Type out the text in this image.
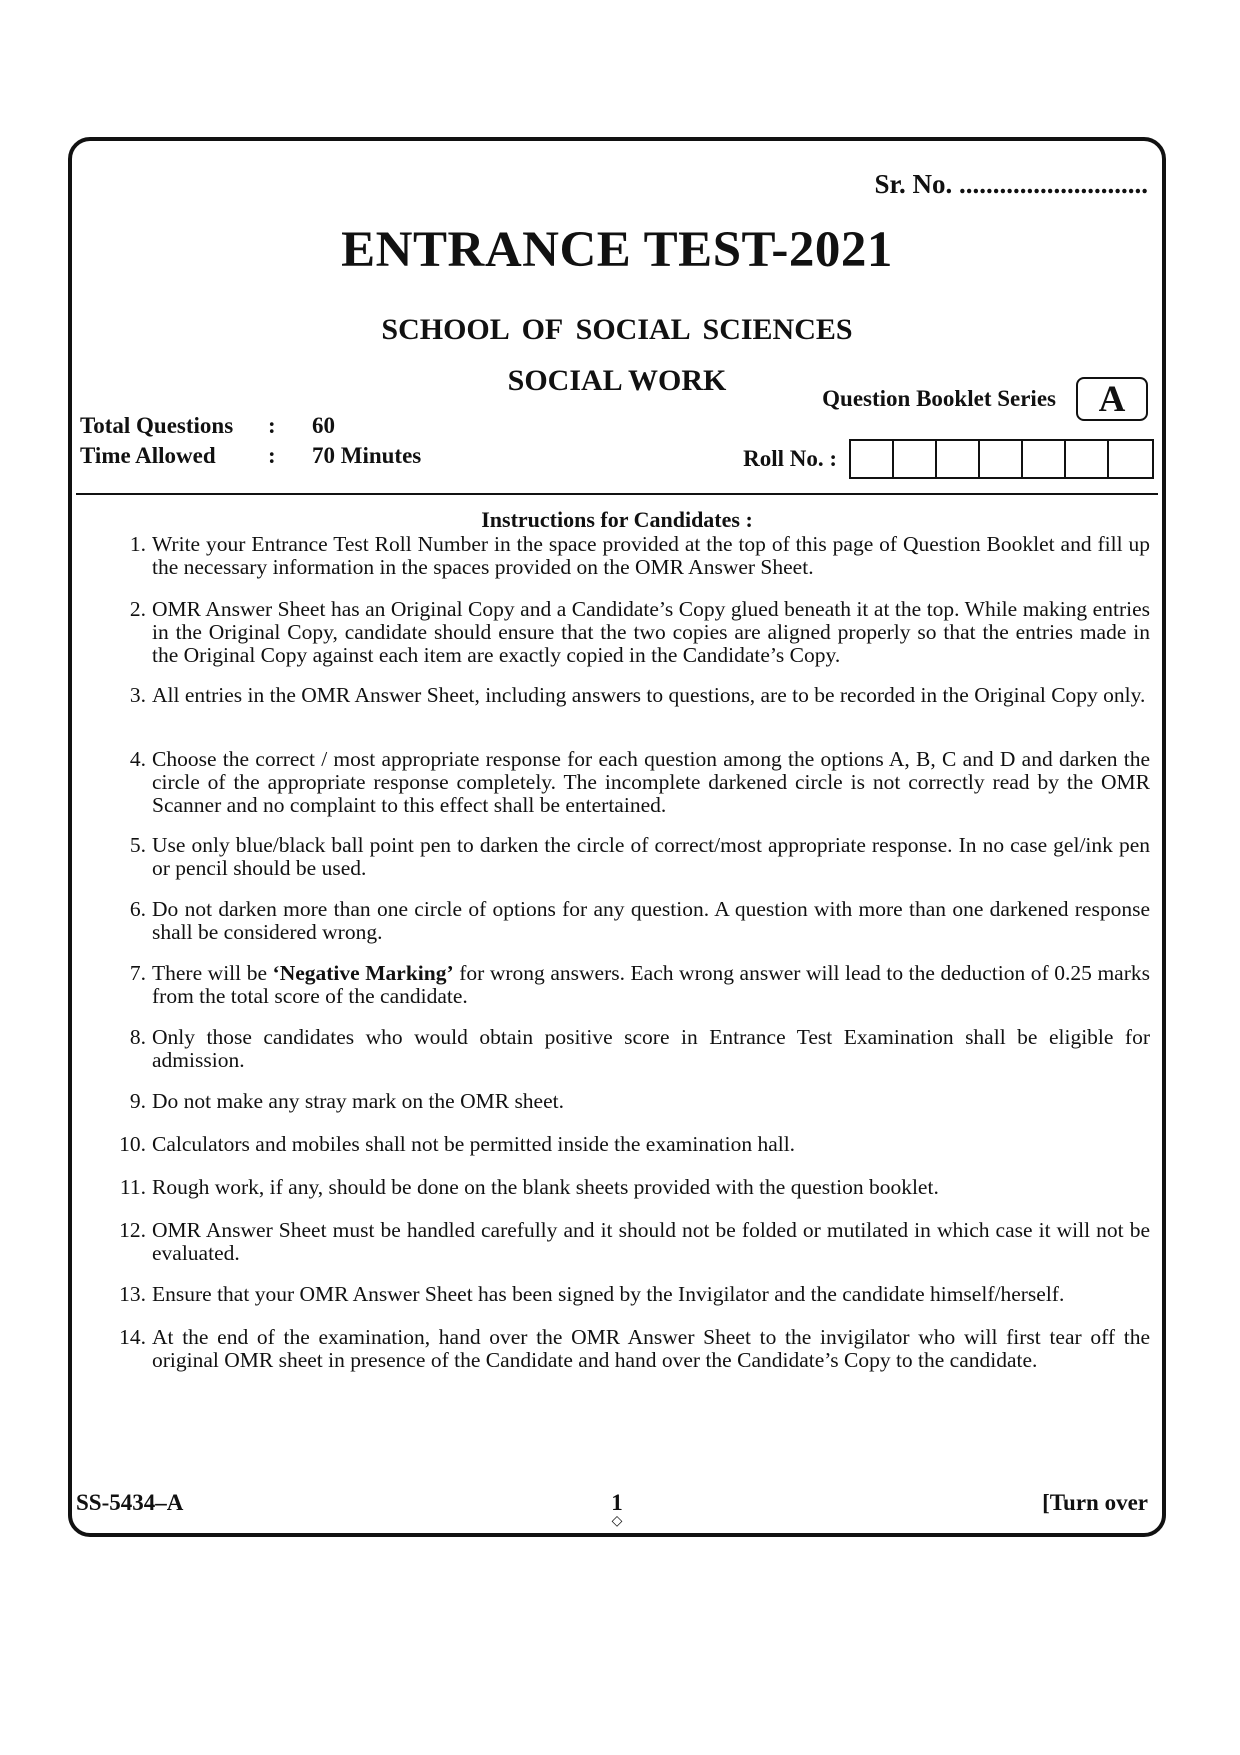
Sr. No. ............................
ENTRANCE TEST-2021
SCHOOL OF SOCIAL SCIENCES
SOCIAL WORK
Total Questions : 60
Time Allowed : 70 Minutes
Question Booklet Series	A
Roll No. :
Instructions for Candidates :
1. Write your Entrance Test Roll Number in the space provided at the top of this page of Question Booklet and fill up the necessary information in the spaces provided on the OMR Answer Sheet.
2. OMR Answer Sheet has an Original Copy and a Candidate’s Copy glued beneath it at the top. While making entries in the Original Copy, candidate should ensure that the two copies are aligned properly so that the entries made in the Original Copy against each item are exactly copied in the Candidate’s Copy.
3. All entries in the OMR Answer Sheet, including answers to questions, are to be recorded in the Original Copy only.
4. Choose the correct / most appropriate response for each question among the options A, B, C and D and darken the circle of the appropriate response completely. The incomplete darkened circle is not correctly read by the OMR Scanner and no complaint to this effect shall be entertained.
5. Use only blue/black ball point pen to darken the circle of correct/most appropriate response. In no case gel/ink pen or pencil should be used.
6. Do not darken more than one circle of options for any question. A question with more than one darkened response shall be considered wrong.
7. There will be ‘Negative Marking’ for wrong answers. Each wrong answer will lead to the deduction of 0.25 marks from the total score of the candidate.
8. Only those candidates who would obtain positive score in Entrance Test Examination shall be eligible for admission.
9. Do not make any stray mark on the OMR sheet.
10. Calculators and mobiles shall not be permitted inside the examination hall.
11. Rough work, if any, should be done on the blank sheets provided with the question booklet.
12. OMR Answer Sheet must be handled carefully and it should not be folded or mutilated in which case it will not be evaluated.
13. Ensure that your OMR Answer Sheet has been signed by the Invigilator and the candidate himself/herself.
14. At the end of the examination, hand over the OMR Answer Sheet to the invigilator who will first tear off the original OMR sheet in presence of the Candidate and hand over the Candidate’s Copy to the candidate.
SS-5434–A	1
◇
[Turn over
